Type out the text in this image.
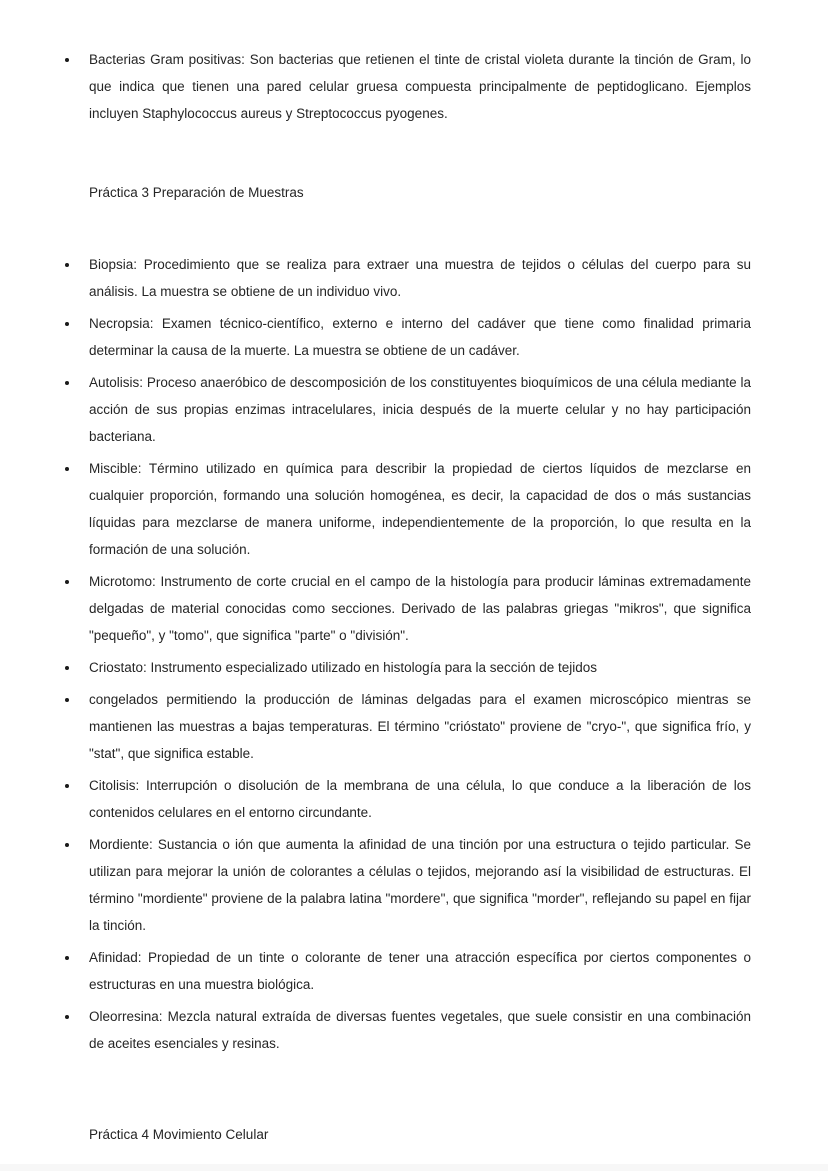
• Bacterias Gram positivas: Son bacterias que retienen el tinte de cristal violeta durante la tinción de Gram, lo que indica que tienen una pared celular gruesa compuesta principalmente de peptidoglicano. Ejemplos incluyen Staphylococcus aureus y Streptococcus pyogenes.

Práctica 3 Preparación de Muestras

• Biopsia: Procedimiento que se realiza para extraer una muestra de tejidos o células del cuerpo para su análisis. La muestra se obtiene de un individuo vivo.
• Necropsia: Examen técnico-científico, externo e interno del cadáver que tiene como finalidad primaria determinar la causa de la muerte. La muestra se obtiene de un cadáver.
• Autolisis: Proceso anaeróbico de descomposición de los constituyentes bioquímicos de una célula mediante la acción de sus propias enzimas intracelulares, inicia después de la muerte celular y no hay participación bacteriana.
• Miscible: Término utilizado en química para describir la propiedad de ciertos líquidos de mezclarse en cualquier proporción, formando una solución homogénea, es decir, la capacidad de dos o más sustancias líquidas para mezclarse de manera uniforme, independientemente de la proporción, lo que resulta en la formación de una solución.
• Microtomo: Instrumento de corte crucial en el campo de la histología para producir láminas extremadamente delgadas de material conocidas como secciones. Derivado de las palabras griegas "mikros", que significa "pequeño", y "tomo", que significa "parte" o "división".
• Criostato: Instrumento especializado utilizado en histología para la sección de tejidos
• congelados permitiendo la producción de láminas delgadas para el examen microscópico mientras se mantienen las muestras a bajas temperaturas. El término "crióstato" proviene de "cryo-", que significa frío, y "stat", que significa estable.
• Citolisis: Interrupción o disolución de la membrana de una célula, lo que conduce a la liberación de los contenidos celulares en el entorno circundante.
• Mordiente: Sustancia o ión que aumenta la afinidad de una tinción por una estructura o tejido particular. Se utilizan para mejorar la unión de colorantes a células o tejidos, mejorando así la visibilidad de estructuras. El término "mordiente" proviene de la palabra latina "mordere", que significa "morder", reflejando su papel en fijar la tinción.
• Afinidad: Propiedad de un tinte o colorante de tener una atracción específica por ciertos componentes o estructuras en una muestra biológica.
• Oleorresina: Mezcla natural extraída de diversas fuentes vegetales, que suele consistir en una combinación de aceites esenciales y resinas.

Práctica 4 Movimiento Celular
